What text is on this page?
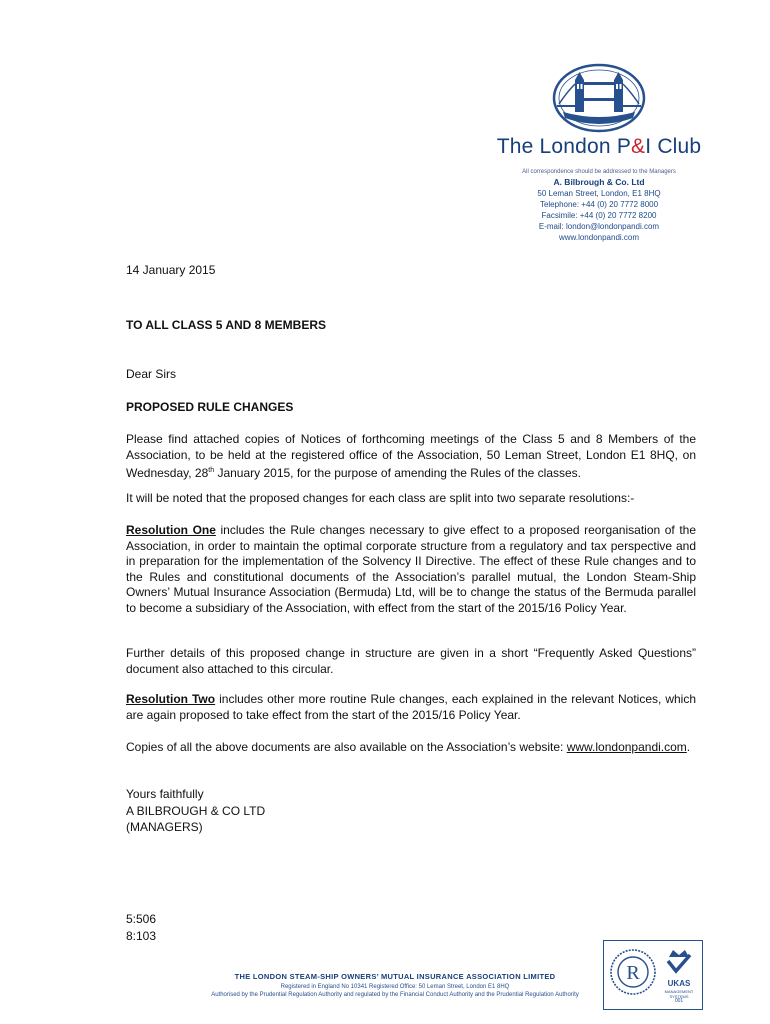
The London P&I Club
All correspondence should be addressed to the Managers
A. Bilbrough & Co. Ltd
50 Leman Street, London, E1 8HQ
Telephone: +44 (0) 20 7772 8000
Facsimile: +44 (0) 20 7772 8200
E-mail: london@londonpandi.com
www.londonpandi.com
14 January 2015
TO ALL CLASS 5 AND 8 MEMBERS
Dear Sirs
PROPOSED RULE CHANGES

Please find attached copies of Notices of forthcoming meetings of the Class 5 and 8 Members of the Association, to be held at the registered office of the Association, 50 Leman Street, London E1 8HQ, on Wednesday, 28th January 2015, for the purpose of amending the Rules of the classes.

It will be noted that the proposed changes for each class are split into two separate resolutions:-

Resolution One includes the Rule changes necessary to give effect to a proposed reorganisation of the Association, in order to maintain the optimal corporate structure from a regulatory and tax perspective and in preparation for the implementation of the Solvency II Directive. The effect of these Rule changes and to the Rules and constitutional documents of the Association’s parallel mutual, the London Steam-Ship Owners’ Mutual Insurance Association (Bermuda) Ltd, will be to change the status of the Bermuda parallel to become a subsidiary of the Association, with effect from the start of the 2015/16 Policy Year.

Further details of this proposed change in structure are given in a short “Frequently Asked Questions” document also attached to this circular.

Resolution Two includes other more routine Rule changes, each explained in the relevant Notices, which are again proposed to take effect from the start of the 2015/16 Policy Year.

Copies of all the above documents are also available on the Association’s website: www.londonpandi.com.

Yours faithfully
A BILBROUGH & CO LTD
(MANAGERS)
5:506
8:103
R	UKAS
MANAGEMENT SYSTEMS
001
THE LONDON STEAM-SHIP OWNERS’ MUTUAL INSURANCE ASSOCIATION LIMITED
Registered in England No 10341 Registered Office: 50 Leman Street, London E1 8HQ
Authorised by the Prudential Regulation Authority and regulated by the Financial Conduct Authority and the Prudential Regulation Authority
